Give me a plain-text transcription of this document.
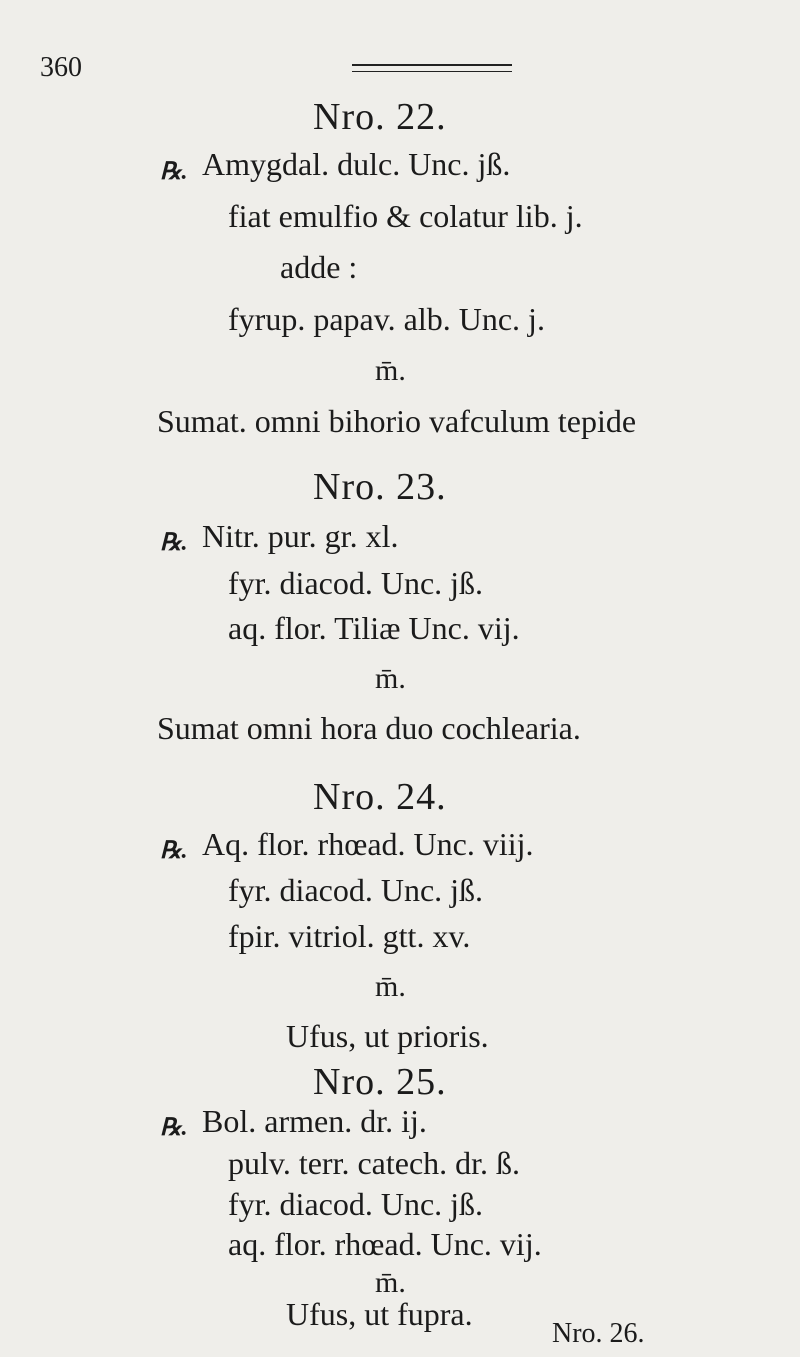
360
Nro. 22.
℞. Amygdal. dulc. Unc. jß.
fiat emulfio & colatur lib. j.
adde :
fyrup. papav. alb. Unc. j.
m̄.
Sumat. omni bihorio vafculum tepide
Nro. 23.
℞. Nitr. pur. gr. xl.
fyr. diacod. Unc. jß.
aq. flor. Tiliæ Unc. vij.
m̄.
Sumat omni hora duo cochlearia.
Nro. 24.
℞. Aq. flor. rhœad. Unc. viij.
fyr. diacod. Unc. jß.
fpir. vitriol. gtt. xv.
m̄.
Ufus, ut prioris.
Nro. 25.
℞. Bol. armen. dr. ij.
pulv. terr. catech. dr. ß.
fyr. diacod. Unc. jß.
aq. flor. rhœad. Unc. vij.
m̄.
Ufus, ut fupra.
Nro. 26.
